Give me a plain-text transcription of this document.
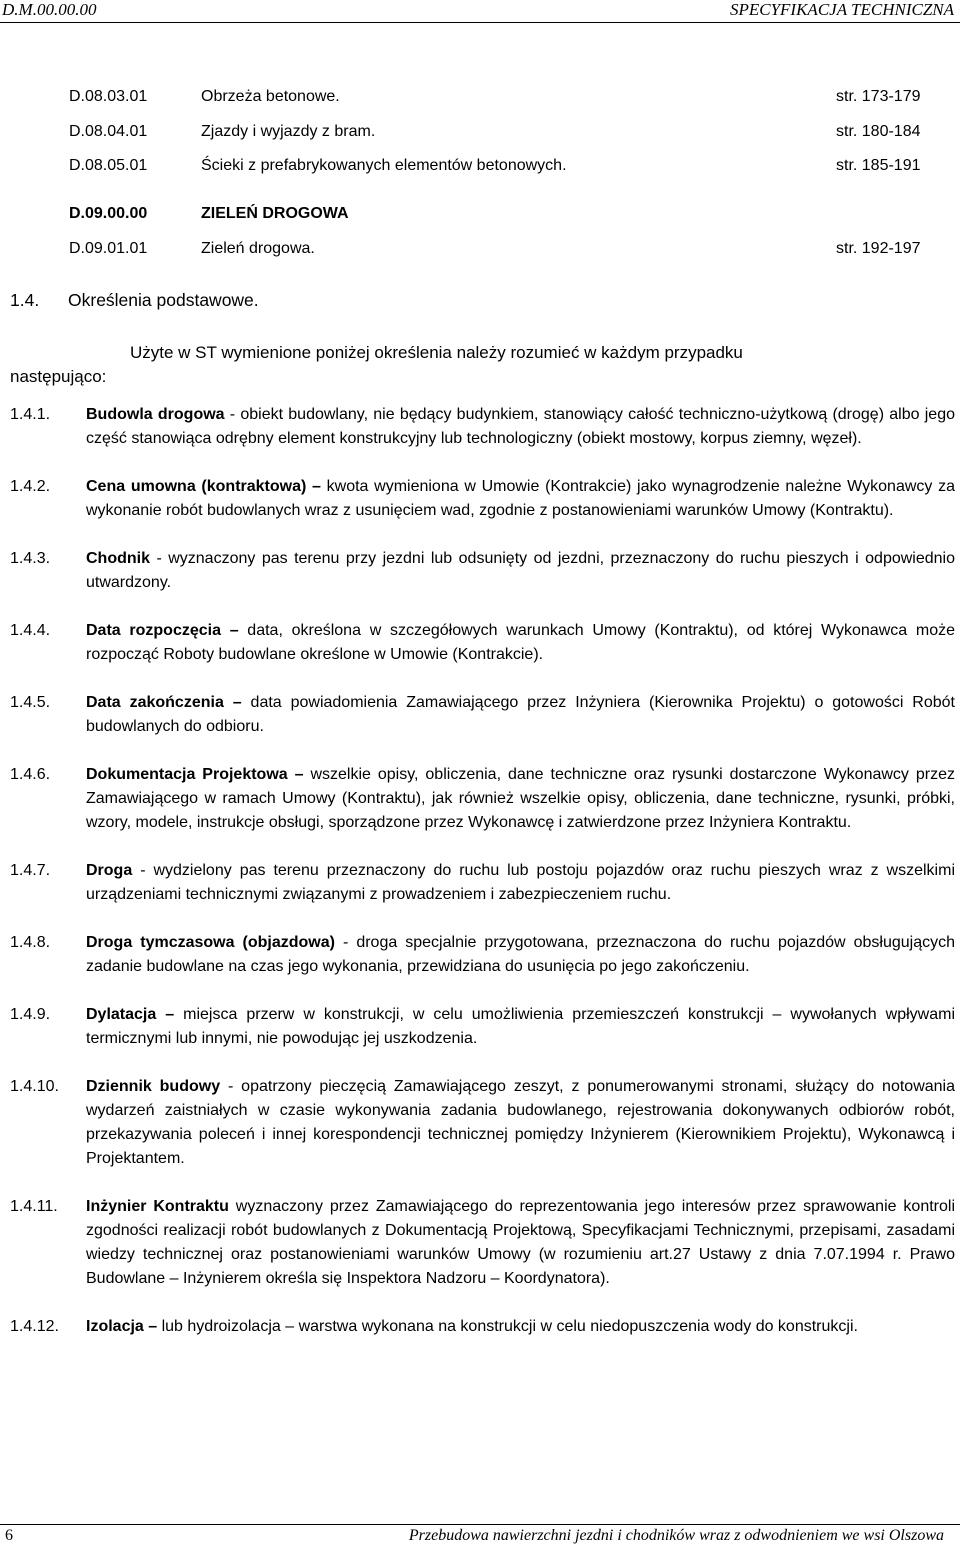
D.M.00.00.00	SPECYFIKACJA TECHNICZNA
D.08.03.01	Obrzeża betonowe.	str. 173-179
D.08.04.01	Zjazdy i wyjazdy z bram.	str. 180-184
D.08.05.01	Ścieki z prefabrykowanych elementów betonowych.	str. 185-191
D.09.00.00	ZIELEŃ DROGOWA
D.09.01.01	Zieleń drogowa.	str. 192-197
1.4. Określenia podstawowe.
Użyte w ST wymienione poniżej określenia należy rozumieć w każdym przypadku
następująco:
1.4.1. Budowla drogowa - obiekt budowlany, nie będący budynkiem, stanowiący całość techniczno-użytkową (drogę) albo jego część stanowiąca odrębny element konstrukcyjny lub technologiczny (obiekt mostowy, korpus ziemny, węzeł).
1.4.2. Cena umowna (kontraktowa) – kwota wymieniona w Umowie (Kontrakcie) jako wynagrodzenie należne Wykonawcy za wykonanie robót budowlanych wraz z usunięciem wad, zgodnie z postanowieniami warunków Umowy (Kontraktu).
1.4.3. Chodnik - wyznaczony pas terenu przy jezdni lub odsunięty od jezdni, przeznaczony do ruchu pieszych i odpowiednio utwardzony.
1.4.4. Data rozpoczęcia – data, określona w szczegółowych warunkach Umowy (Kontraktu), od której Wykonawca może rozpocząć Roboty budowlane określone w Umowie (Kontrakcie).
1.4.5. Data zakończenia – data powiadomienia Zamawiającego przez Inżyniera (Kierownika Projektu) o gotowości Robót budowlanych do odbioru.
1.4.6. Dokumentacja Projektowa – wszelkie opisy, obliczenia, dane techniczne oraz rysunki dostarczone Wykonawcy przez Zamawiającego w ramach Umowy (Kontraktu), jak również wszelkie opisy, obliczenia, dane techniczne, rysunki, próbki, wzory, modele, instrukcje obsługi, sporządzone przez Wykonawcę i zatwierdzone przez Inżyniera Kontraktu.
1.4.7. Droga - wydzielony pas terenu przeznaczony do ruchu lub postoju pojazdów oraz ruchu pieszych wraz z wszelkimi urządzeniami technicznymi związanymi z prowadzeniem i zabezpieczeniem ruchu.
1.4.8. Droga tymczasowa (objazdowa) - droga specjalnie przygotowana, przeznaczona do ruchu pojazdów obsługujących zadanie budowlane na czas jego wykonania, przewidziana do usunięcia po jego zakończeniu.
1.4.9. Dylatacja – miejsca przerw w konstrukcji, w celu umożliwienia przemieszczeń konstrukcji – wywołanych wpływami termicznymi lub innymi, nie powodując jej uszkodzenia.
1.4.10. Dziennik budowy - opatrzony pieczęcią Zamawiającego zeszyt, z ponumerowanymi stronami, służący do notowania wydarzeń zaistniałych w czasie wykonywania zadania budowlanego, rejestrowania dokonywanych odbiorów robót, przekazywania poleceń i innej korespondencji technicznej pomiędzy Inżynierem (Kierownikiem Projektu), Wykonawcą i Projektantem.
1.4.11. Inżynier Kontraktu wyznaczony przez Zamawiającego do reprezentowania jego interesów przez sprawowanie kontroli zgodności realizacji robót budowlanych z Dokumentacją Projektową, Specyfikacjami Technicznymi, przepisami, zasadami wiedzy technicznej oraz postanowieniami warunków Umowy (w rozumieniu art.27 Ustawy z dnia 7.07.1994 r. Prawo Budowlane – Inżynierem określa się Inspektora Nadzoru – Koordynatora).
1.4.12. Izolacja – lub hydroizolacja – warstwa wykonana na konstrukcji w celu niedopuszczenia wody do konstrukcji.
6	Przebudowa nawierzchni jezdni i chodników wraz z odwodnieniem we wsi Olszowa
